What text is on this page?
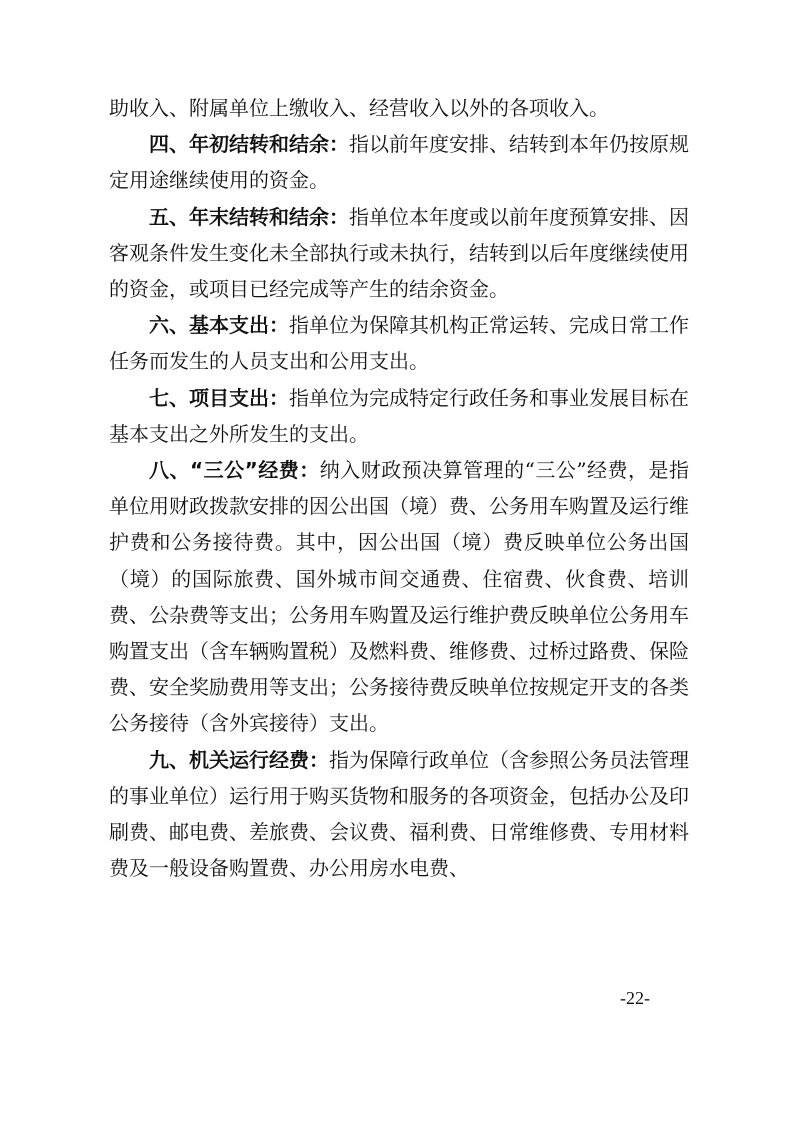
助收入、附属单位上缴收入、经营收入以外的各项收入。

四、年初结转和结余：指以前年度安排、结转到本年仍按原规定用途继续使用的资金。

五、年末结转和结余：指单位本年度或以前年度预算安排、因客观条件发生变化未全部执行或未执行，结转到以后年度继续使用的资金，或项目已经完成等产生的结余资金。

六、基本支出：指单位为保障其机构正常运转、完成日常工作任务而发生的人员支出和公用支出。

七、项目支出：指单位为完成特定行政任务和事业发展目标在基本支出之外所发生的支出。

八、“三公”经费：纳入财政预决算管理的“三公”经费，是指单位用财政拨款安排的因公出国（境）费、公务用车购置及运行维护费和公务接待费。其中，因公出国（境）费反映单位公务出国（境）的国际旅费、国外城市间交通费、住宿费、伙食费、培训费、公杂费等支出；公务用车购置及运行维护费反映单位公务用车购置支出（含车辆购置税）及燃料费、维修费、过桥过路费、保险费、安全奖励费用等支出；公务接待费反映单位按规定开支的各类公务接待（含外宾接待）支出。

九、机关运行经费：指为保障行政单位（含参照公务员法管理的事业单位）运行用于购买货物和服务的各项资金，包括办公及印刷费、邮电费、差旅费、会议费、福利费、日常维修费、专用材料费及一般设备购置费、办公用房水电费、

-22-
